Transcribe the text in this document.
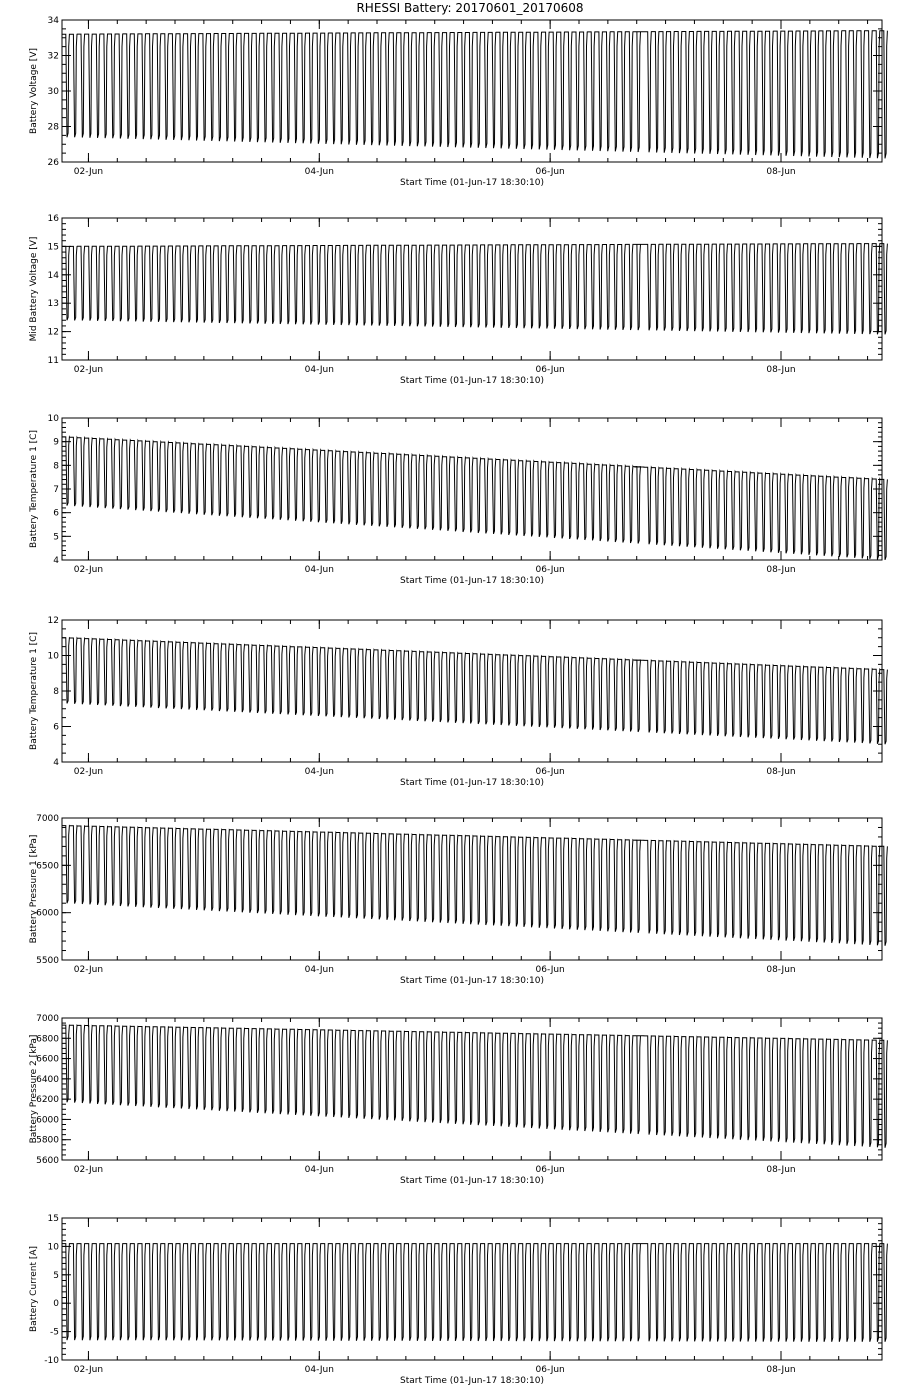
RHESSI Battery: 20170601_20170608
26
28
30
32
34
02-Jun	04-Jun	06-Jun	08-Jun
Start Time (01-Jun-17 18:30:10)
Battery Voltage [V]
11
12
13
14
15
16
02-Jun	04-Jun	06-Jun	08-Jun
Start Time (01-Jun-17 18:30:10)
Mid Battery Voltage [V]
4
5
6
7
8
9
10
02-Jun	04-Jun	06-Jun	08-Jun
Start Time (01-Jun-17 18:30:10)
Battery Temperature 1 [C]
4
6
8
10
12
02-Jun	04-Jun	06-Jun	08-Jun
Start Time (01-Jun-17 18:30:10)
Battery Temperature 1 [C]
5500
6000
6500
7000
02-Jun	04-Jun	06-Jun	08-Jun
Start Time (01-Jun-17 18:30:10)
Battery Pressure 1 [kPa]
5600
5800
6000
6200
6400
6600
6800
7000
02-Jun	04-Jun	06-Jun	08-Jun
Start Time (01-Jun-17 18:30:10)
Battery Pressure 2 [kPa]
-10
-5
0
5
10
15
02-Jun	04-Jun	06-Jun	08-Jun
Start Time (01-Jun-17 18:30:10)
Battery Current [A]
